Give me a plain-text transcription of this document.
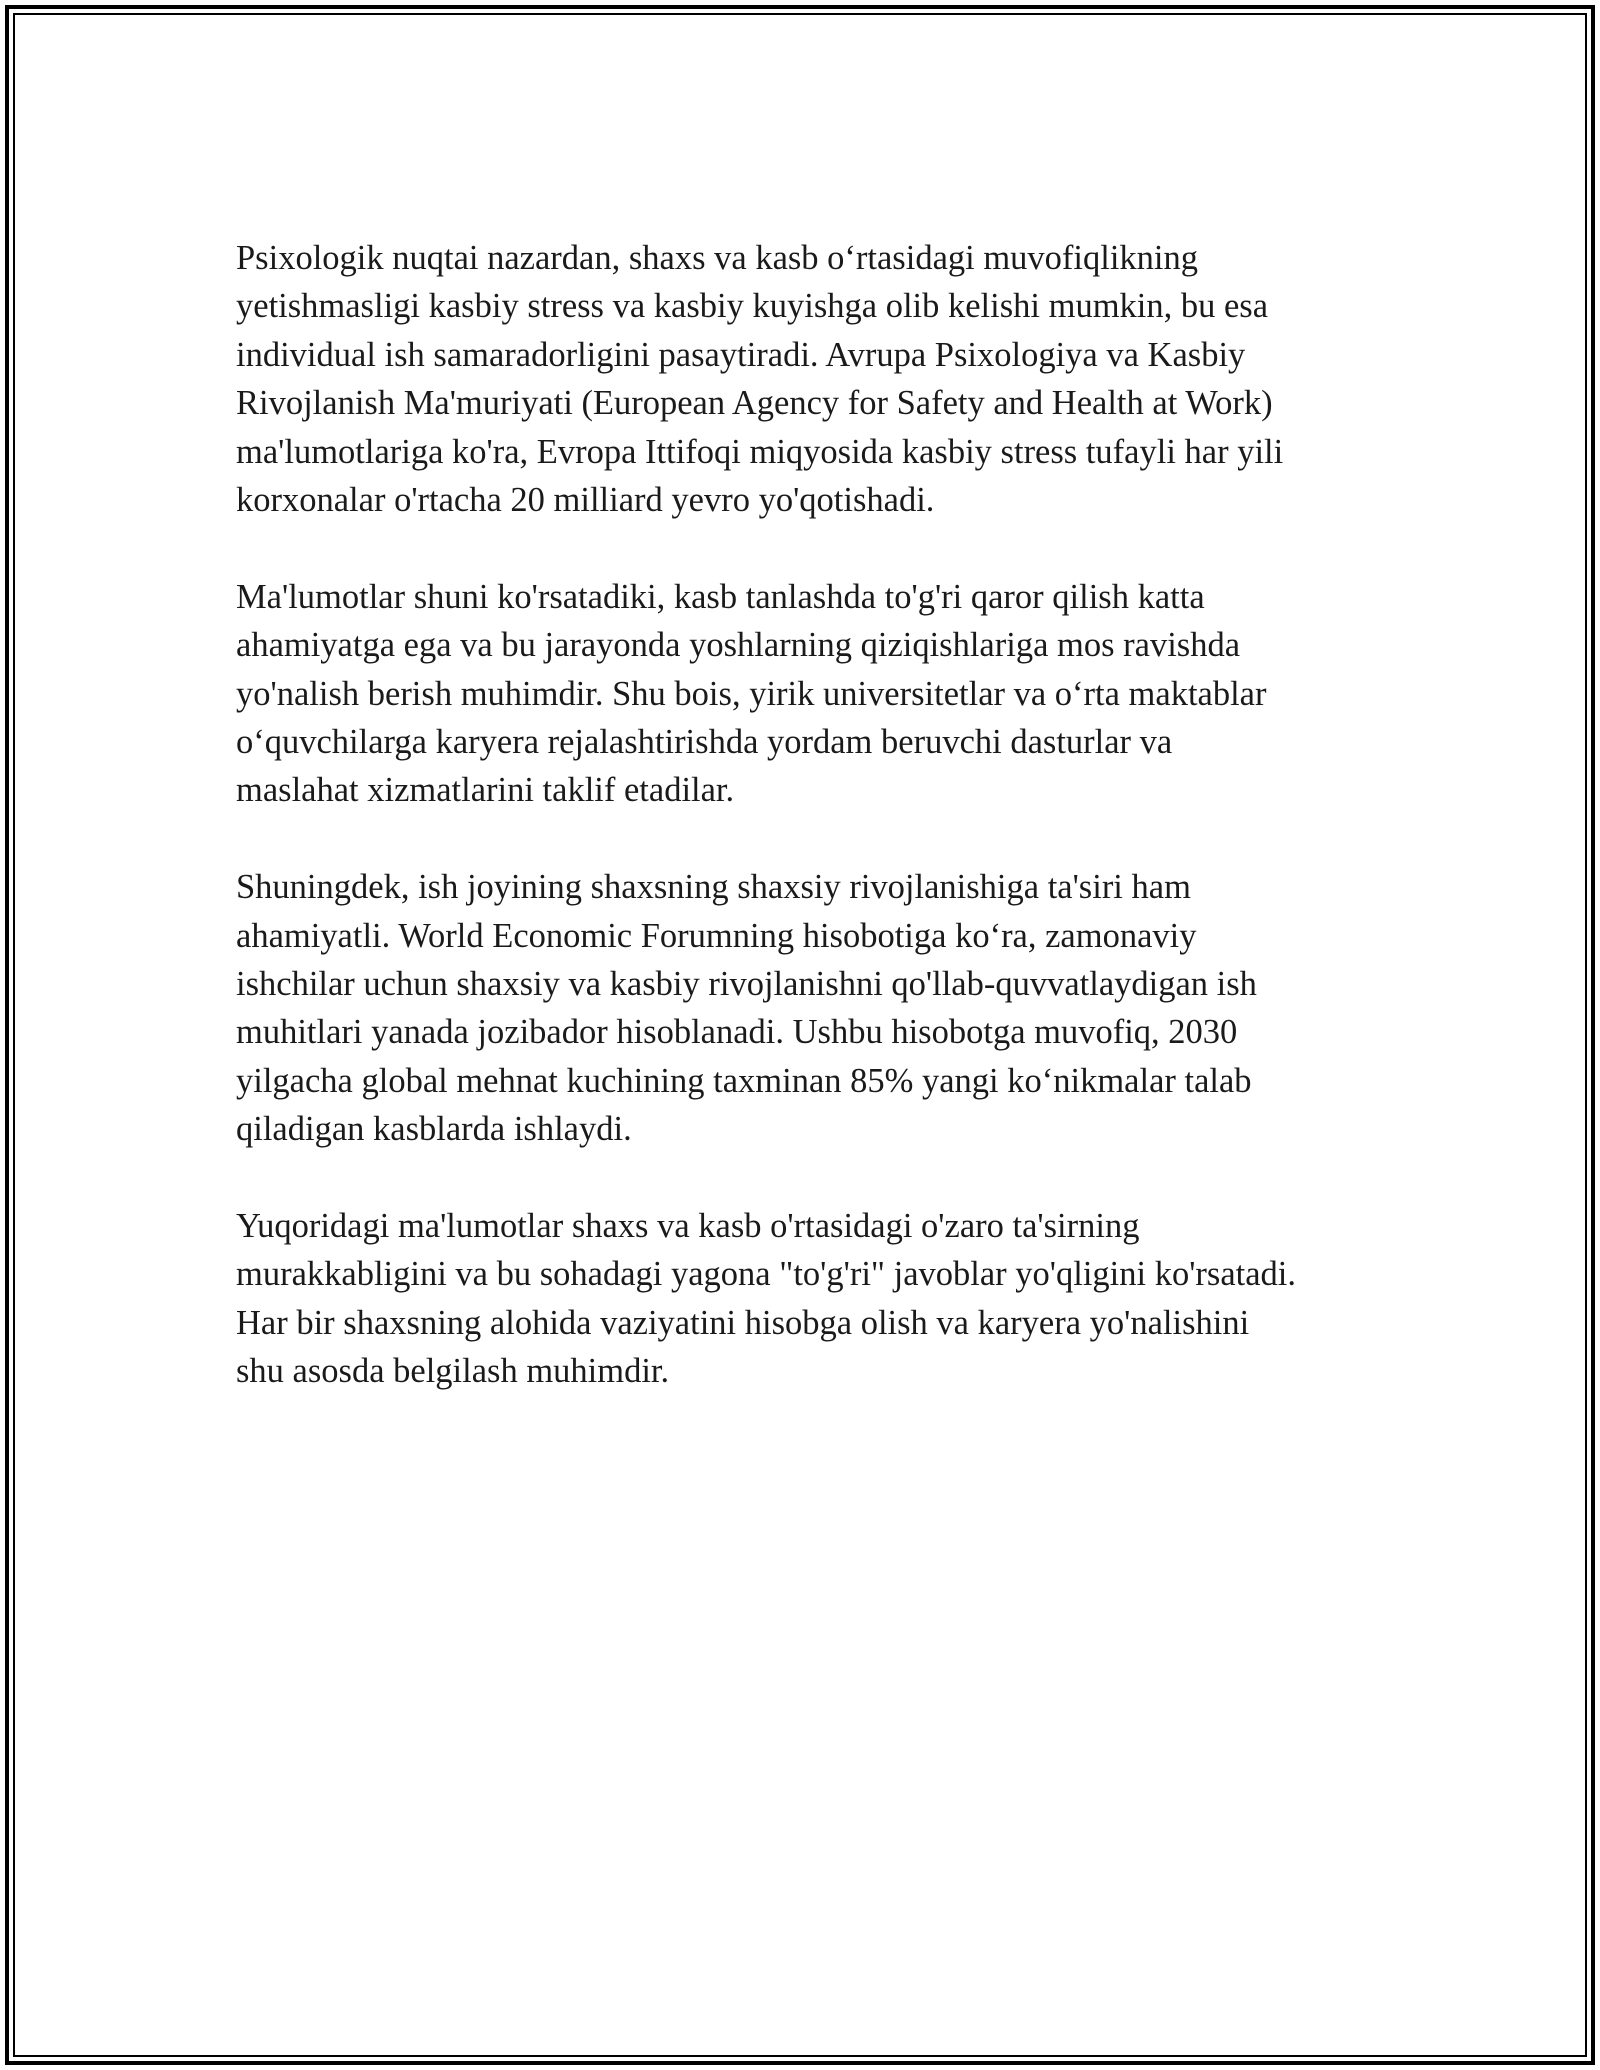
Psixologik nuqtai nazardan, shaxs va kasb o‘rtasidagi muvofiqlikning
yetishmasligi kasbiy stress va kasbiy kuyishga olib kelishi mumkin, bu esa
individual ish samaradorligini pasaytiradi. Avrupa Psixologiya va Kasbiy
Rivojlanish Ma'muriyati (European Agency for Safety and Health at Work)
ma'lumotlariga ko'ra, Evropa Ittifoqi miqyosida kasbiy stress tufayli har yili
korxonalar o'rtacha 20 milliard yevro yo'qotishadi.

Ma'lumotlar shuni ko'rsatadiki, kasb tanlashda to'g'ri qaror qilish katta
ahamiyatga ega va bu jarayonda yoshlarning qiziqishlariga mos ravishda
yo'nalish berish muhimdir. Shu bois, yirik universitetlar va o‘rta maktablar
o‘quvchilarga karyera rejalashtirishda yordam beruvchi dasturlar va
maslahat xizmatlarini taklif etadilar.

Shuningdek, ish joyining shaxsning shaxsiy rivojlanishiga ta'siri ham
ahamiyatli. World Economic Forumning hisobotiga ko‘ra, zamonaviy
ishchilar uchun shaxsiy va kasbiy rivojlanishni qo'llab-quvvatlaydigan ish
muhitlari yanada jozibador hisoblanadi. Ushbu hisobotga muvofiq, 2030
yilgacha global mehnat kuchining taxminan 85% yangi ko‘nikmalar talab
qiladigan kasblarda ishlaydi.

Yuqoridagi ma'lumotlar shaxs va kasb o'rtasidagi o'zaro ta'sirning
murakkabligini va bu sohadagi yagona "to'g'ri" javoblar yo'qligini ko'rsatadi.
Har bir shaxsning alohida vaziyatini hisobga olish va karyera yo'nalishini
shu asosda belgilash muhimdir.
